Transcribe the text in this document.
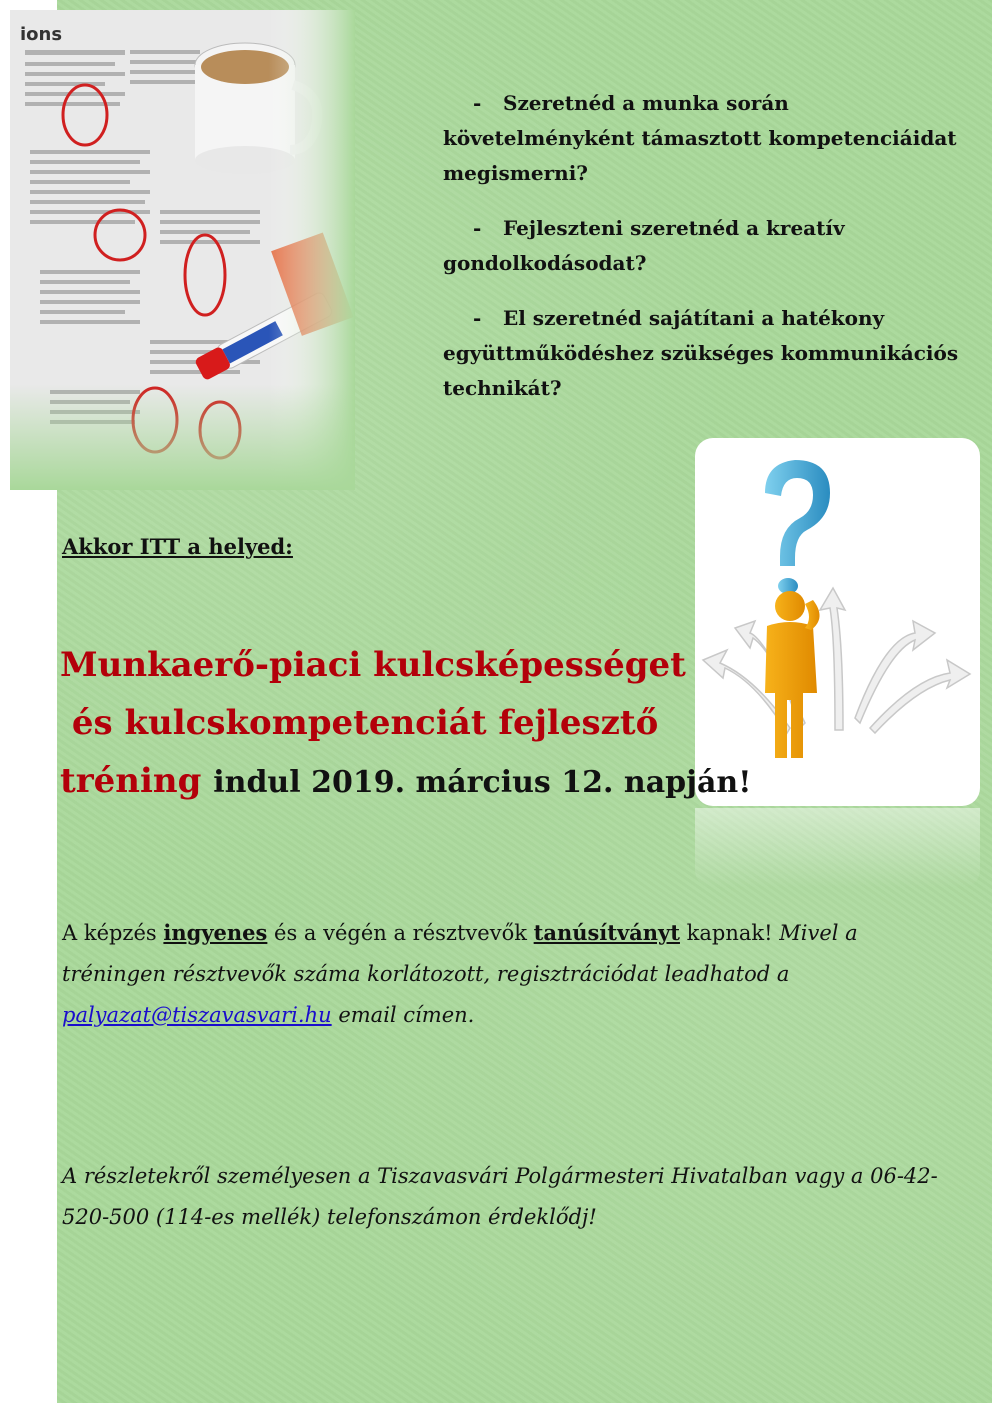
- Szeretnéd a munka során követelményként támasztott kompetenciáidat megismerni?

- Fejleszteni szeretnéd a kreatív gondolkodásodat?

- El szeretnéd sajátítani a hatékony együttműködéshez szükséges kommunikációs technikát?

Akkor ITT a helyed:
Munkaerő-piaci kulcsképességet
és kulcskompetenciát fejlesztő
tréning indul 2019. március 12. napján!
A képzés ingyenes és a végén a résztvevők tanúsítványt kapnak! Mivel a tréningen résztvevők száma korlátozott, regisztrációdat leadhatod a palyazat@tiszavasvari.hu email címen.
A részletekről személyesen a Tiszavasvári Polgármesteri Hivatalban vagy a 06-42-520-500 (114-es mellék) telefonszámon érdeklődj!
